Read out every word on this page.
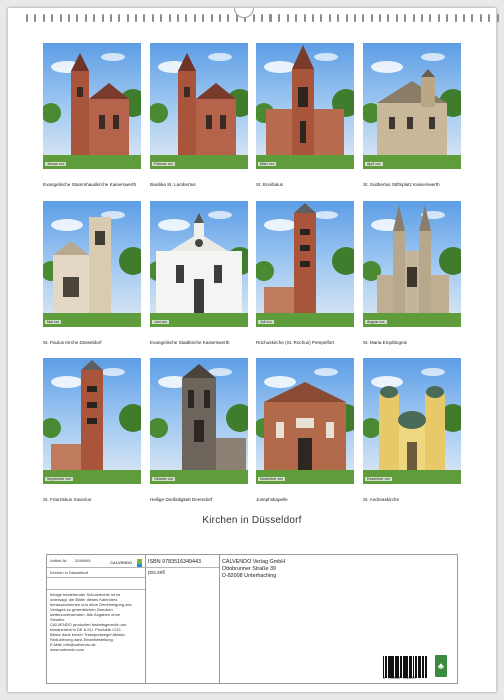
Januar xxx
Evangelische Stammhauskirche Kaiserswerth
Februar xxx
Basilika St. Lambertus
März xxx
St. Bonifatius
April xxx
St. Suitbertus Stiftsplatz Kaiserswerth
Mai xxx
St. Paulus Kirche Düsseldorf
Juni xxx
Evangelische Stadtkirche Kaiserswerth
Juli xxx
Rochuskirche (St. Rochus) Pempelfort
August xxx
St. Maria Empfängnis
September xxx
St. Franziskus Xaverius
Oktober xxx
Heilige Dreifaltigkeit Derendorf
November xxx
Josephskapelle
Dezember xxx
St. Andreaskirche
Kirchen in Düsseldorf
Artikel-Nr. 2049945	CALVENDO
Kirchen in Düsseldorf
Infolge bestehender Schutzrechte ist es
untersagt, die Bilder dieses Kalenders
herauszutrennen und ohne Genehmigung des
Verlages zu gewerblichen Zwecken
weiterzuverwenden. Alle Angaben ohne
Gewähr.
CALVENDO produziert bedarfsgerecht und
klimaneutral in DE & EU. Produkte CO2-
Bilanz dank kurzer Transportwege! Ablativ-
Reduzierung dank Einzelbestellung.
E-Mail: info@calvendo.de
www.calvendo.com
ISBN 9783516349443
pxs.sell
CALVENDO Verlag GmbH
Ottobrunner Straße 39
D-82008 Unterhaching
9 783516 349443
♣
